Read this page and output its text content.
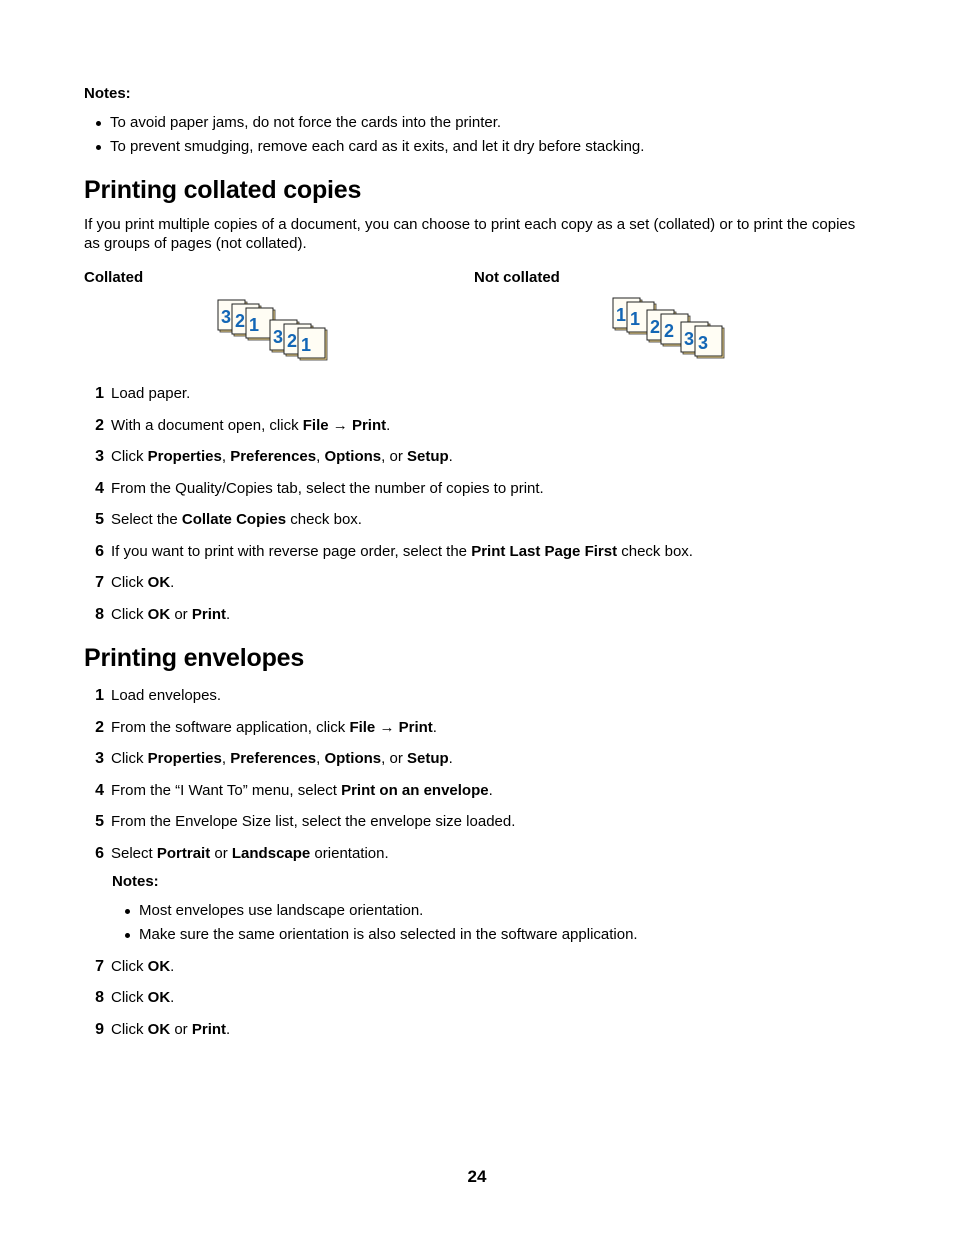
Notes:
To avoid paper jams, do not force the cards into the printer.
To prevent smudging, remove each card as it exits, and let it dry before stacking.
Printing collated copies
If you print multiple copies of a document, you can choose to print each copy as a set (collated) or to print the copies
as groups of pages (not collated).
Collated	Not collated
3 2 1
3 2 1
1 1 2 2 3 3
1 Load paper.
2 With a document open, click File → Print.
3 Click Properties, Preferences, Options, or Setup.
4 From the Quality/Copies tab, select the number of copies to print.
5 Select the Collate Copies check box.
6 If you want to print with reverse page order, select the Print Last Page First check box.
7 Click OK.
8 Click OK or Print.
Printing envelopes
1 Load envelopes.
2 From the software application, click File → Print.
3 Click Properties, Preferences, Options, or Setup.
4 From the “I Want To” menu, select Print on an envelope.
5 From the Envelope Size list, select the envelope size loaded.
6 Select Portrait or Landscape orientation.
7 Click OK.
8 Click OK.
9 Click OK or Print.
Notes:
Most envelopes use landscape orientation.
Make sure the same orientation is also selected in the software application.
24
